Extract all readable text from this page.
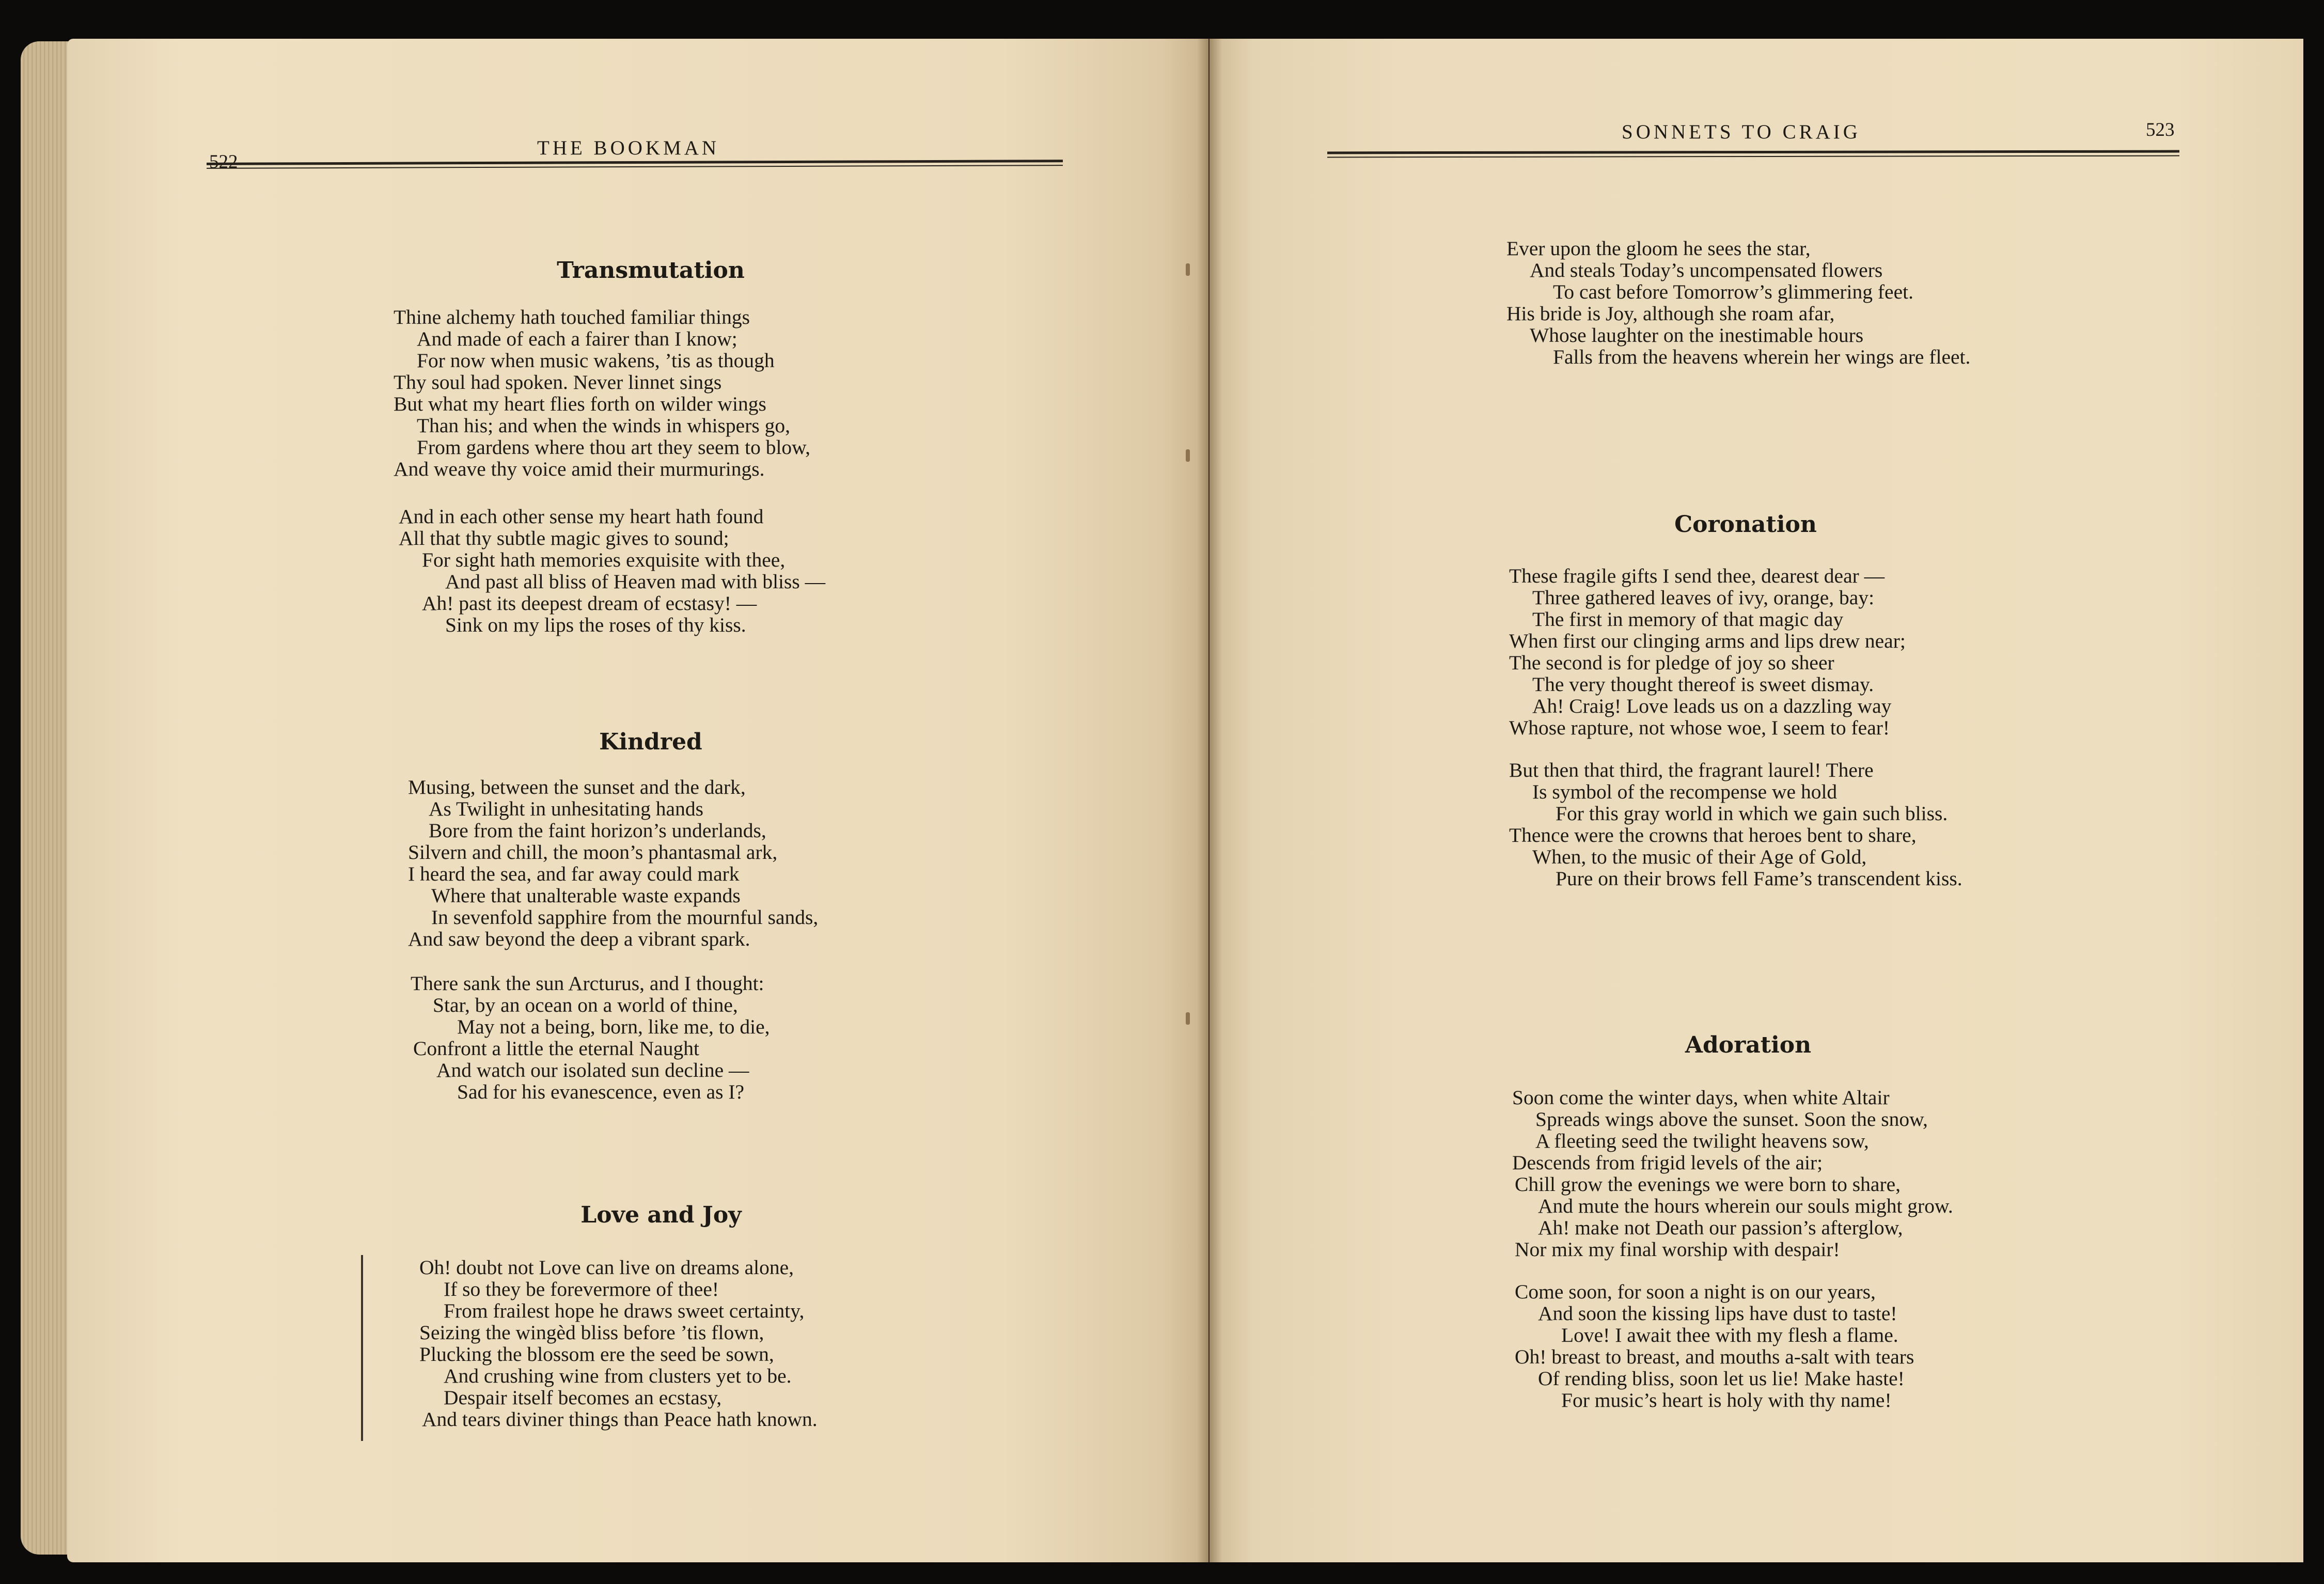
522
THE BOOKMAN
Transmutation
Thine alchemy hath touched familiar things
And made of each a fairer than I know;
For now when music wakens, ’tis as though
Thy soul had spoken. Never linnet sings
But what my heart flies forth on wilder wings
Than his; and when the winds in whispers go,
From gardens where thou art they seem to blow,
And weave thy voice amid their murmurings.
And in each other sense my heart hath found
All that thy subtle magic gives to sound;
For sight hath memories exquisite with thee,
And past all bliss of Heaven mad with bliss —
Ah! past its deepest dream of ecstasy! —
Sink on my lips the roses of thy kiss.
Kindred
Musing, between the sunset and the dark,
As Twilight in unhesitating hands
Bore from the faint horizon’s underlands,
Silvern and chill, the moon’s phantasmal ark,
I heard the sea, and far away could mark
Where that unalterable waste expands
In sevenfold sapphire from the mournful sands,
And saw beyond the deep a vibrant spark.
There sank the sun Arcturus, and I thought:
Star, by an ocean on a world of thine,
May not a being, born, like me, to die,
Confront a little the eternal Naught
And watch our isolated sun decline —
Sad for his evanescence, even as I?
Love and Joy
Oh! doubt not Love can live on dreams alone,
If so they be forevermore of thee!
From frailest hope he draws sweet certainty,
Seizing the wingèd bliss before ’tis flown,
Plucking the blossom ere the seed be sown,
And crushing wine from clusters yet to be.
Despair itself becomes an ecstasy,
And tears diviner things than Peace hath known.
SONNETS TO CRAIG	523
Ever upon the gloom he sees the star,
And steals Today’s uncompensated flowers
To cast before Tomorrow’s glimmering feet.
His bride is Joy, although she roam afar,
Whose laughter on the inestimable hours
Falls from the heavens wherein her wings are fleet.
Coronation
These fragile gifts I send thee, dearest dear —
Three gathered leaves of ivy, orange, bay:
The first in memory of that magic day
When first our clinging arms and lips drew near;
The second is for pledge of joy so sheer
The very thought thereof is sweet dismay.
Ah! Craig! Love leads us on a dazzling way
Whose rapture, not whose woe, I seem to fear!
But then that third, the fragrant laurel! There
Is symbol of the recompense we hold
For this gray world in which we gain such bliss.
Thence were the crowns that heroes bent to share,
When, to the music of their Age of Gold,
Pure on their brows fell Fame’s transcendent kiss.
Adoration
Soon come the winter days, when white Altair
Spreads wings above the sunset. Soon the snow,
A fleeting seed the twilight heavens sow,
Descends from frigid levels of the air;
Chill grow the evenings we were born to share,
And mute the hours wherein our souls might grow.
Ah! make not Death our passion’s afterglow,
Nor mix my final worship with despair!
Come soon, for soon a night is on our years,
And soon the kissing lips have dust to taste!
Love! I await thee with my flesh a flame.
Oh! breast to breast, and mouths a-salt with tears
Of rending bliss, soon let us lie! Make haste!
For music’s heart is holy with thy name!
